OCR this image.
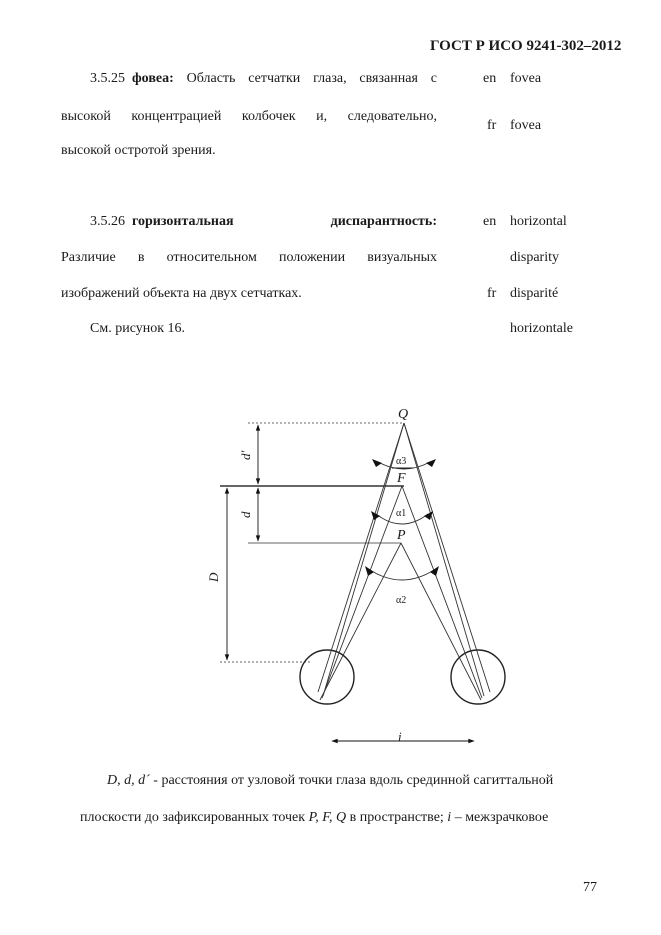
ГОСТ Р ИСО 9241-302–2012
3.5.25 фовеа: Область сетчатки глаза, связанная с
высокой концентрацией колбочек и, следовательно,
высокой остротой зрения.
en fovea
fr fovea
3.5.26 горизонтальная	диспарантность:
Различие в относительном положении визуальных
изображений объекта на двух сетчатках.
См. рисунок 16.
en horizontal
disparity
fr disparité
horizontale
Q
F
P
i
d′
d
D
α3
α1
α2
D, d, d´ - расстояния от узловой точки глаза вдоль срединной сагиттальной
плоскости до зафиксированных точек P, F, Q в пространстве; i – межзрачковое
77
